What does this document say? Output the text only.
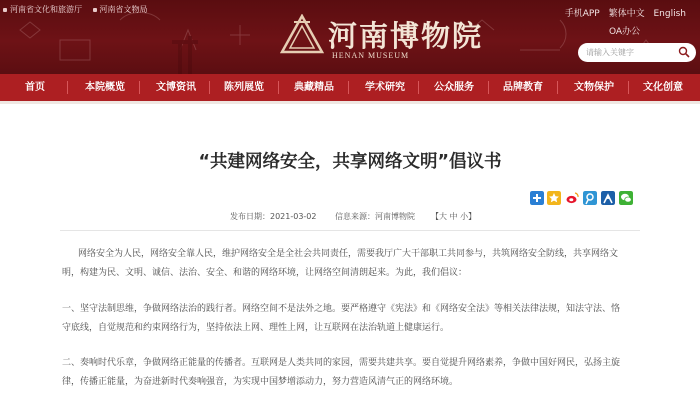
河南省文化和旅游厅 河南省文物局
河南博物院
HENAN MUSEUM
手机APP 繁体中文 English
OA办公
请输入关键字
首页	本院概览	文博资讯	陈列展览	典藏精品	学术研究	公众服务	品牌教育	文物保护	文化创意
“共建网络安全，共享网络文明”倡议书
发布日期：2021-03-02 信息来源：河南博物院 【大 中 小】
网络安全为人民，网络安全靠人民，维护网络安全是全社会共同责任，需要我厅广大干部职工共同参与，共筑网络安全防线，共享网络文
明，构建为民、文明、诚信、法治、安全、和谐的网络环境，让网络空间清朗起来。为此，我们倡议：
一、坚守法制思维，争做网络法治的践行者。网络空间不是法外之地。要严格遵守《宪法》和《网络安全法》等相关法律法规，知法守法、恪
守底线，自觉规范和约束网络行为，坚持依法上网、理性上网，让互联网在法治轨道上健康运行。
二、奏响时代乐章，争做网络正能量的传播者。互联网是人类共同的家园，需要共建共享。要自觉提升网络素养，争做中国好网民，弘扬主旋
律，传播正能量，为奋进新时代奏响强音，为实现中国梦增添动力，努力营造风清气正的网络环境。
